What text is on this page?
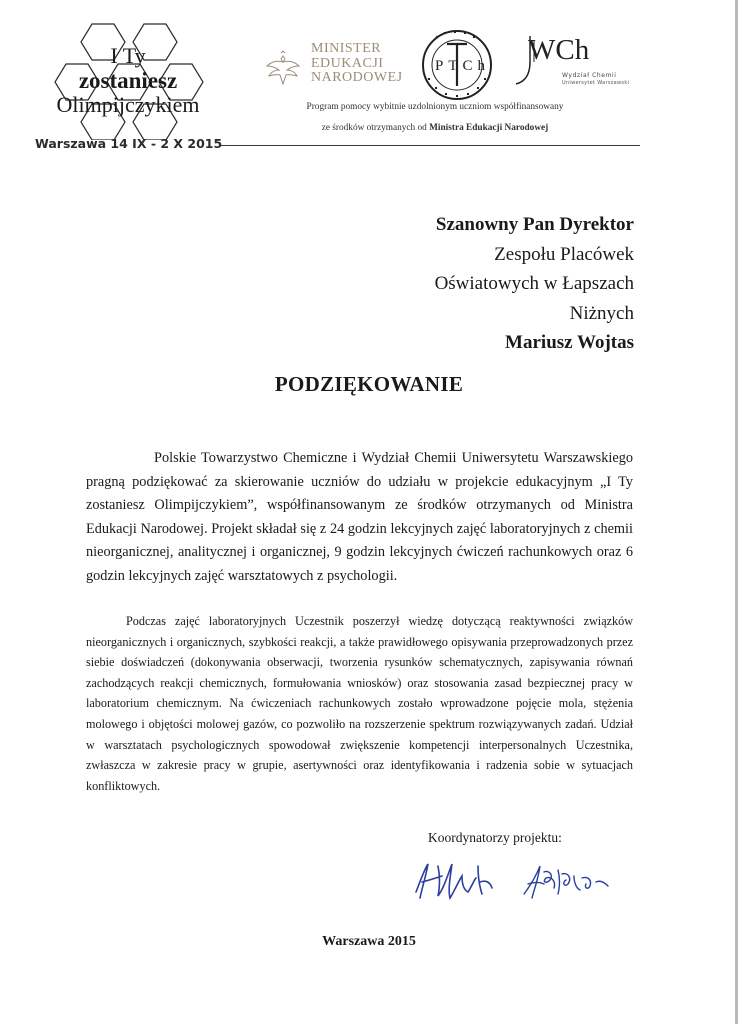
I Ty
zostaniesz
Olimpijczykiem
Warszawa 14 IX - 2 X 2015
MINISTER
EDUKACJI
NARODOWEJ
PTCh WCh
Wydział Chemii
Uniwersytet Warszawski
Program pomocy wybitnie uzdolnionym uczniom współfinansowany
ze środków otrzymanych od Ministra Edukacji Narodowej
Szanowny Pan Dyrektor
Zespołu Placówek
Oświatowych w Łapszach
Niżnych
Mariusz Wojtas
PODZIĘKOWANIE
Polskie Towarzystwo Chemiczne i Wydział Chemii Uniwersytetu Warszawskiego pragną podziękować za skierowanie uczniów do udziału w projekcie edukacyjnym „I Ty zostaniesz Olimpijczykiem”, współfinansowanym ze środków otrzymanych od Ministra Edukacji Narodowej. Projekt składał się z 24 godzin lekcyjnych zajęć laboratoryjnych z chemii nieorganicznej, analitycznej i organicznej, 9 godzin lekcyjnych ćwiczeń rachunkowych oraz 6 godzin lekcyjnych zajęć warsztatowych z psychologii.
Podczas zajęć laboratoryjnych Uczestnik poszerzył wiedzę dotyczącą reaktywności związków nieorganicznych i organicznych, szybkości reakcji, a także prawidłowego opisywania przeprowadzonych przez siebie doświadczeń (dokonywania obserwacji, tworzenia rysunków schematycznych, zapisywania równań zachodzących reakcji chemicznych, formułowania wniosków) oraz stosowania zasad bezpiecznej pracy w laboratorium chemicznym. Na ćwiczeniach rachunkowych zostało wprowadzone pojęcie mola, stężenia molowego i objętości molowej gazów, co pozwoliło na rozszerzenie spektrum rozwiązywanych zadań. Udział w warsztatach psychologicznych spowodował zwiększenie kompetencji interpersonalnych Uczestnika, zwłaszcza w zakresie pracy w grupie, asertywności oraz identyfikowania i radzenia sobie w sytuacjach konfliktowych.
Koordynatorzy projektu:
Warszawa 2015
